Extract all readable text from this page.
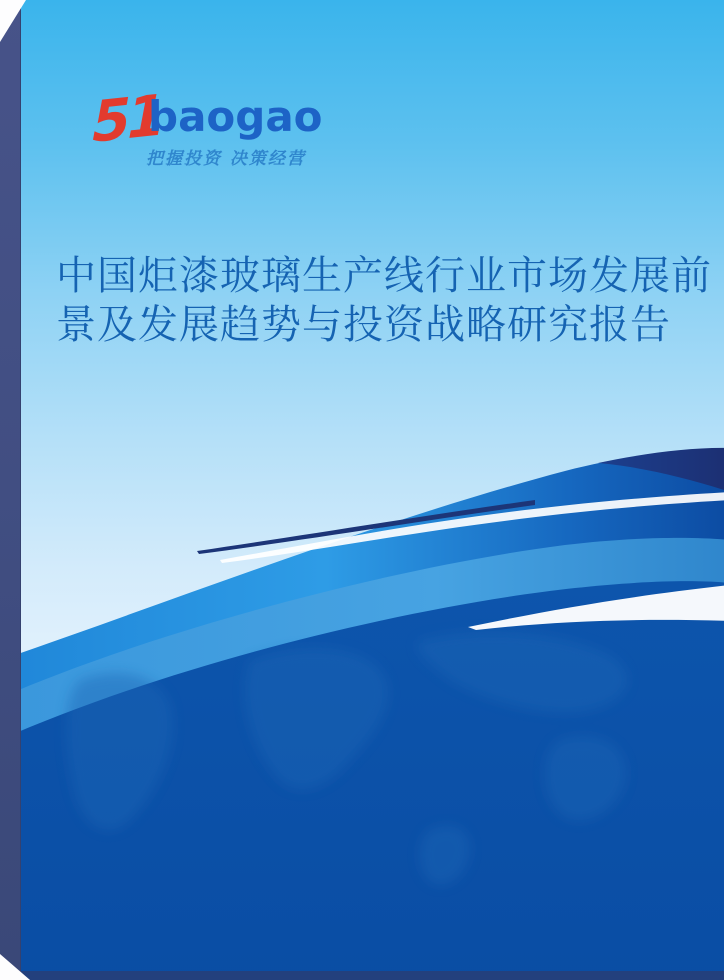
51
baogao
把握投资 决策经营
中国炬漆玻璃生产线行业市场发展前
景及发展趋势与投资战略研究报告
